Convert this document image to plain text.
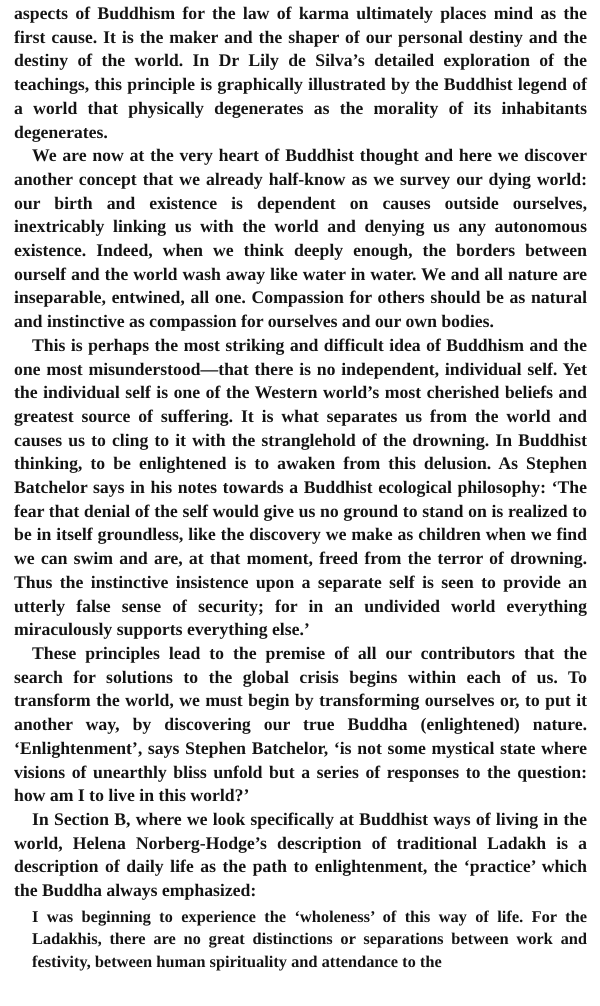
aspects of Buddhism for the law of karma ultimately places mind as the first cause. It is the maker and the shaper of our personal destiny and the destiny of the world. In Dr Lily de Silva’s detailed exploration of the teachings, this principle is graphically illustrated by the Buddhist legend of a world that physically degenerates as the morality of its inhabitants degenerates.

We are now at the very heart of Buddhist thought and here we discover another concept that we already half-know as we survey our dying world: our birth and existence is dependent on causes outside ourselves, inextricably linking us with the world and denying us any autonomous existence. Indeed, when we think deeply enough, the borders between ourself and the world wash away like water in water. We and all nature are inseparable, entwined, all one. Compassion for others should be as natural and instinctive as compassion for ourselves and our own bodies.

This is perhaps the most striking and difficult idea of Buddhism and the one most misunderstood—that there is no independent, individual self. Yet the individual self is one of the Western world’s most cherished beliefs and greatest source of suffering. It is what separates us from the world and causes us to cling to it with the stranglehold of the drowning. In Buddhist thinking, to be enlightened is to awaken from this delusion. As Stephen Batchelor says in his notes towards a Buddhist ecological philosophy: ‘The fear that denial of the self would give us no ground to stand on is realized to be in itself groundless, like the discovery we make as children when we find we can swim and are, at that moment, freed from the terror of drowning. Thus the instinctive insistence upon a separate self is seen to provide an utterly false sense of security; for in an undivided world everything miraculously supports everything else.’

These principles lead to the premise of all our contributors that the search for solutions to the global crisis begins within each of us. To transform the world, we must begin by transforming ourselves or, to put it another way, by discovering our true Buddha (enlightened) nature. ‘Enlightenment’, says Stephen Batchelor, ‘is not some mystical state where visions of unearthly bliss unfold but a series of responses to the question: how am I to live in this world?’

In Section B, where we look specifically at Buddhist ways of living in the world, Helena Norberg-Hodge’s description of traditional Ladakh is a description of daily life as the path to enlightenment, the ‘practice’ which the Buddha always emphasized:

I was beginning to experience the ‘wholeness’ of this way of life. For the Ladakhis, there are no great distinctions or separations between work and festivity, between human spirituality and attendance to the
